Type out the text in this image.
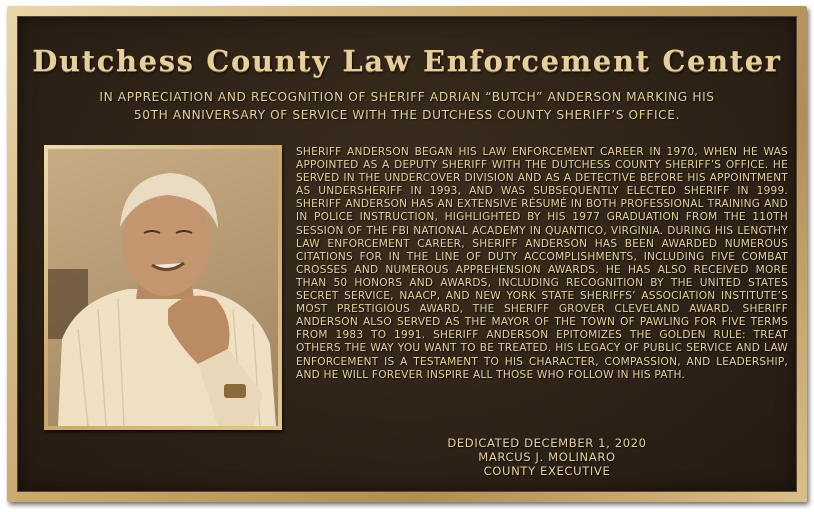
Dutchess County Law Enforcement Center
IN APPRECIATION AND RECOGNITION OF SHERIFF ADRIAN “BUTCH” ANDERSON MARKING HIS
50TH ANNIVERSARY OF SERVICE WITH THE DUTCHESS COUNTY SHERIFF’S OFFICE.
SHERIFF ANDERSON BEGAN HIS LAW ENFORCEMENT CAREER IN 1970, WHEN HE WAS APPOINTED AS A DEPUTY SHERIFF WITH THE DUTCHESS COUNTY SHERIFF’S OFFICE. HE SERVED IN THE UNDERCOVER DIVISION AND AS A DETECTIVE BEFORE HIS APPOINTMENT AS UNDERSHERIFF IN 1993, AND WAS SUBSEQUENTLY ELECTED SHERIFF IN 1999. SHERIFF ANDERSON HAS AN EXTENSIVE RÉSUMÉ IN BOTH PROFESSIONAL TRAINING AND IN POLICE INSTRUCTION, HIGHLIGHTED BY HIS 1977 GRADUATION FROM THE 110TH SESSION OF THE FBI NATIONAL ACADEMY IN QUANTICO, VIRGINIA. DURING HIS LENGTHY LAW ENFORCEMENT CAREER, SHERIFF ANDERSON HAS BEEN AWARDED NUMEROUS CITATIONS FOR IN THE LINE OF DUTY ACCOMPLISHMENTS, INCLUDING FIVE COMBAT CROSSES AND NUMEROUS APPREHENSION AWARDS. HE HAS ALSO RECEIVED MORE THAN 50 HONORS AND AWARDS, INCLUDING RECOGNITION BY THE UNITED STATES SECRET SERVICE, NAACP, AND NEW YORK STATE SHERIFFS’ ASSOCIATION INSTITUTE’S MOST PRESTIGIOUS AWARD, THE SHERIFF GROVER CLEVELAND AWARD. SHERIFF ANDERSON ALSO SERVED AS THE MAYOR OF THE TOWN OF PAWLING FOR FIVE TERMS FROM 1983 TO 1991. SHERIFF ANDERSON EPITOMIZES THE GOLDEN RULE: TREAT OTHERS THE WAY YOU WANT TO BE TREATED. HIS LEGACY OF PUBLIC SERVICE AND LAW ENFORCEMENT IS A TESTAMENT TO HIS CHARACTER, COMPASSION, AND LEADERSHIP, AND HE WILL FOREVER INSPIRE ALL THOSE WHO FOLLOW IN HIS PATH.
DEDICATED DECEMBER 1, 2020
MARCUS J. MOLINARO
COUNTY EXECUTIVE
